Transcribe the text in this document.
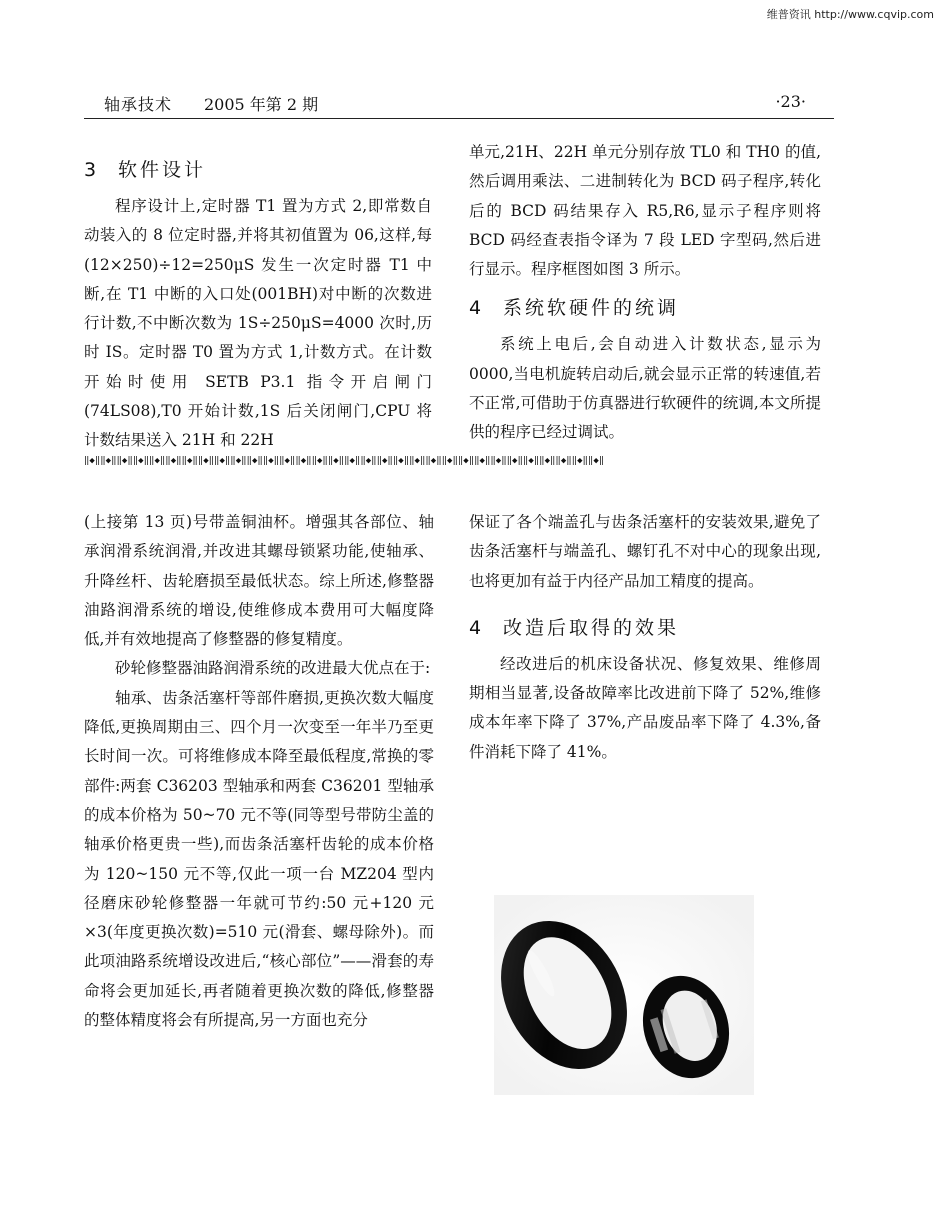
维普资讯 http://www.cqvip.com
轴承技术 2005 年第 2 期	·23·
3 软件设计

程序设计上,定时器 T1 置为方式 2,即常数自动装入的 8 位定时器,并将其初值置为 06,这样,每(12×250)÷12=250μS 发生一次定时器 T1 中断,在 T1 中断的入口处(001BH)对中断的次数进行计数,不中断次数为 1S÷250μS=4000 次时,历时 IS。定时器 T0 置为方式 1,计数方式。在计数开始时使用 SETB P3.1 指令开启闸门(74LS08),T0 开始计数,1S 后关闭闸门,CPU 将计数结果送入 21H 和 22H

单元,21H、22H 单元分别存放 TL0 和 TH0 的值,然后调用乘法、二进制转化为 BCD 码子程序,转化后的 BCD 码结果存入 R5,R6,显示子程序则将 BCD 码经查表指令译为 7 段 LED 字型码,然后进行显示。程序框图如图 3 所示。

4 系统软硬件的统调

系统上电后,会自动进入计数状态,显示为 0000,当电机旋转启动后,就会显示正常的转速值,若不正常,可借助于仿真器进行软硬件的统调,本文所提供的程序已经过调试。

‖◆‖‖◆‖‖◆‖‖◆‖‖◆‖‖◆‖‖◆‖‖◆‖‖◆‖‖◆‖‖◆‖‖◆‖‖◆‖‖◆‖‖◆‖‖◆‖‖◆‖‖◆‖‖◆‖‖◆‖‖◆‖‖◆‖‖◆‖‖◆‖‖◆‖‖◆‖‖◆‖‖◆‖‖◆‖‖◆‖‖◆‖‖◆‖

(上接第 13 页)号带盖铜油杯。增强其各部位、轴承润滑系统润滑,并改进其螺母锁紧功能,使轴承、升降丝杆、齿轮磨损至最低状态。综上所述,修整器油路润滑系统的增设,使维修成本费用可大幅度降低,并有效地提高了修整器的修复精度。

砂轮修整器油路润滑系统的改进最大优点在于:

轴承、齿条活塞杆等部件磨损,更换次数大幅度降低,更换周期由三、四个月一次变至一年半乃至更长时间一次。可将维修成本降至最低程度,常换的零部件:两套 C36203 型轴承和两套 C36201 型轴承的成本价格为 50~70 元不等(同等型号带防尘盖的轴承价格更贵一些),而齿条活塞杆齿轮的成本价格为 120~150 元不等,仅此一项一台 MZ204 型内径磨床砂轮修整器一年就可节约:50 元+120 元×3(年度更换次数)=510 元(滑套、螺母除外)。而此项油路系统增设改进后,“核心部位”——滑套的寿命将会更加延长,再者随着更换次数的降低,修整器的整体精度将会有所提高,另一方面也充分

保证了各个端盖孔与齿条活塞杆的安装效果,避免了齿条活塞杆与端盖孔、螺钉孔不对中心的现象出现,也将更加有益于内径产品加工精度的提高。

4 改造后取得的效果

经改进后的机床设备状况、修复效果、维修周期相当显著,设备故障率比改进前下降了 52%,维修成本年率下降了 37%,产品废品率下降了 4.3%,备件消耗下降了 41%。
